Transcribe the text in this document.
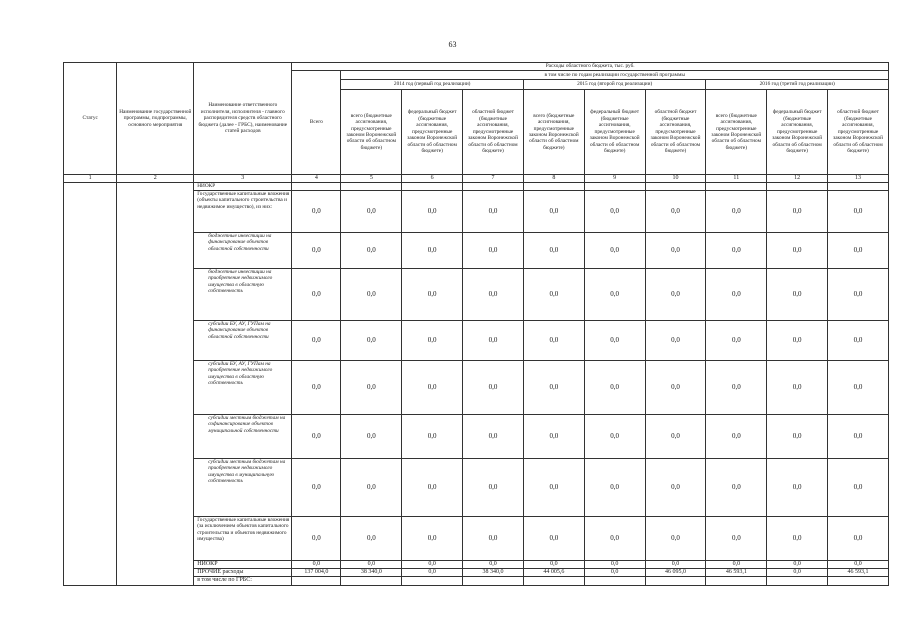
63
Статус	Наименование государственной программы, подпрограммы, основного мероприятия	Наименование ответственного исполнителя, исполнителя - главного распорядителя средств областного бюджета (далее - ГРБС), наименование статей расходов	Расходы областного бюджета, тыс. руб.									
			Всего	в том числе по годам реализации государственной программы								
				2014 год (первый год реализации)			2015 год (второй год реализации)			2016 год (третий год реализации)		
				всего (бюджетные ассигнования, предусмотренные законом Воронежской области об областном бюджете)	федеральный бюджет (бюджетные ассигнования, предусмотренные законом Воронежской области об областном бюджете)	областной бюджет (бюджетные ассигнования, предусмотренные законом Воронежской области об областном бюджете)	всего (бюджетные ассигнования, предусмотренные законом Воронежской области об областном бюджете)	федеральный бюджет (бюджетные ассигнования, предусмотренные законом Воронежской области об областном бюджете)	областной бюджет (бюджетные ассигнования, предусмотренные законом Воронежской области об областном бюджете)	всего (бюджетные ассигнования, предусмотренные законом Воронежской области об областном бюджете)	федеральный бюджет (бюджетные ассигнования, предусмотренные законом Воронежской области об областном бюджете)	областной бюджет (бюджетные ассигнования, предусмотренные законом Воронежской области об областном бюджете)
1	2	3	4	5	6	7	8	9	10	11	12	13
		НИОКР										
		Государственные капитальные вложения (объекты капитального строительства и недвижимое имущество), из них:	0,0	0,0	0,0	0,0	0,0	0,0	0,0	0,0	0,0	0,0
		бюджетные инвестиции на финансирование объектов областной собственности	0,0	0,0	0,0	0,0	0,0	0,0	0,0	0,0	0,0	0,0
		бюджетные инвестиции на приобретение недвижимого имущества в областную собственность	0,0	0,0	0,0	0,0	0,0	0,0	0,0	0,0	0,0	0,0
		субсидии БУ, АУ, ГУПам на финансирование объектов областной собственности	0,0	0,0	0,0	0,0	0,0	0,0	0,0	0,0	0,0	0,0
		субсидии БУ, АУ, ГУПам на приобретение недвижимого имущества в областную собственность	0,0	0,0	0,0	0,0	0,0	0,0	0,0	0,0	0,0	0,0
		субсидии местным бюджетам на софинансирование объектов муниципальной собственности	0,0	0,0	0,0	0,0	0,0	0,0	0,0	0,0	0,0	0,0
		субсидии местным бюджетам на приобретение недвижимого имущества в муниципальную собственность	0,0	0,0	0,0	0,0	0,0	0,0	0,0	0,0	0,0	0,0
		Государственные капитальные вложения (за исключением объектов капитального строительства и объектов недвижимого имущества)	0,0	0,0	0,0	0,0	0,0	0,0	0,0	0,0	0,0	0,0
		НИОКР	0,0	0,0	0,0	0,0	0,0	0,0	0,0	0,0	0,0	0,0
		ПРОЧИЕ расходы	137 004,0	38 340,0	0,0	38 340,0	44 005,6	0,0	46 095,0	46 593,1	0,0	46 593,1
		в том числе по ГРБС:										
